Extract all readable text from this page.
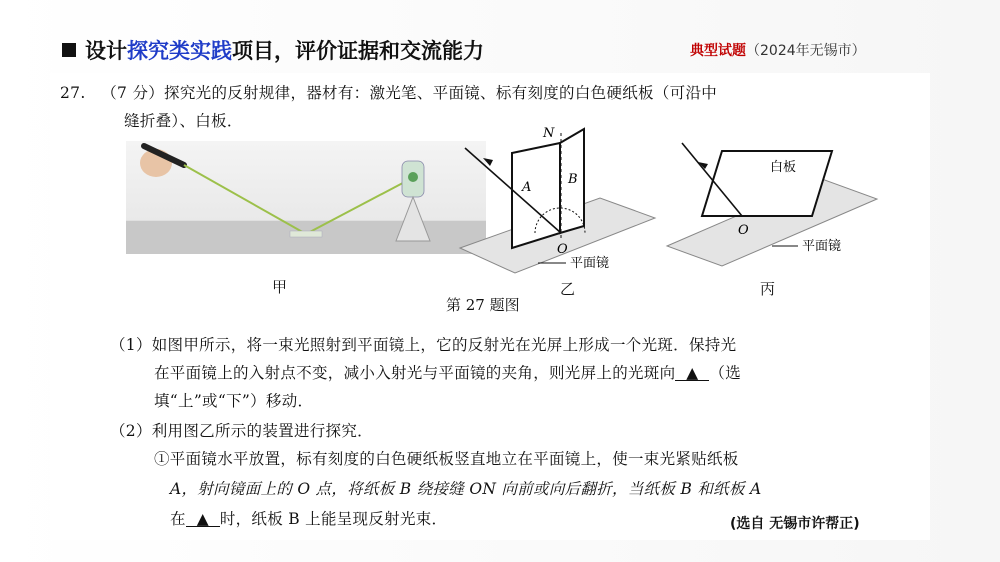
设计 探究类实践 项目，评价证据和交流能力	典型试题（2024年无锡市）
27. （7 分）探究光的反射规律，器材有：激光笔、平面镜、标有刻度的白色硬纸板（可沿中
缝折叠）、白板．
N
A
B
O
平面镜
白板
O
平面镜
甲	乙	丙
第 27 题图
（1）如图甲所示，将一束光照射到平面镜上，它的反射光在光屏上形成一个光斑．保持光
在平面镜上的入射点不变，减小入射光与平面镜的夹角，则光屏上的光斑向 ▲ （选
填“上”或“下”）移动．
（2）利用图乙所示的装置进行探究．
①平面镜水平放置，标有刻度的白色硬纸板竖直地立在平面镜上，使一束光紧贴纸板
A，射向镜面上的 O 点，将纸板 B 绕接缝 ON 向前或向后翻折，当纸板 B 和纸板 A
在 ▲ 时，纸板 B 上能呈现反射光束．	(选自 无锡市许帮正)
